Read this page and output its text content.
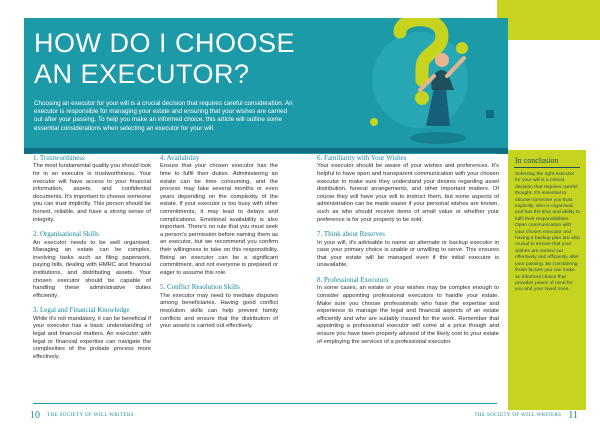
HOW DO I CHOOSE AN EXECUTOR?

Choosing an executor for your will is a crucial decision that requires careful consideration. An executor is responsible for managing your estate and ensuring that your wishes are carried out after your passing. To help you make an informed choice, this article will outline some essential considerations when selecting an executor for your will.

1. Trustworthiness

The most fundamental quality you should look for in an executor is trustworthiness. Your executor will have access to your financial information, assets, and confidential documents. It's important to choose someone you can trust implicitly. This person should be honest, reliable, and have a strong sense of integrity.

2. Organisational Skills

An executor needs to be well organised. Managing an estate can be complex, involving tasks such as filing paperwork, paying bills, dealing with HMRC and financial institutions, and distributing assets. Your chosen executor should be capable of handling these administrative duties efficiently.

3. Legal and Financial Knowledge

While it's not mandatory, it can be beneficial if your executor has a basic understanding of legal and financial matters. An executor with legal or financial expertise can navigate the complexities of the probate process more effectively.

4. Availability

Ensure that your chosen executor has the time to fulfil their duties. Administering an estate can be time consuming, and the process may take several months or even years depending on the complexity of the estate. If your executor is too busy with other commitments, it may lead to delays and complications. Emotional availability is also important. There's no rule that you must seek a person's permission before naming them as an executor, but we recommend you confirm their willingness to take on this responsibility. Being an executor can be a significant commitment, and not everyone is prepared or eager to assume this role.

5. Conflict Resolution Skills

The executor may need to mediate disputes among beneficiaries. Having good conflict resolution skills can help prevent family conflicts and ensure that the distribution of your assets is carried out effectively.

6. Familiarity with Your Wishes

Your executor should be aware of your wishes and preferences. It's helpful to have open and transparent communication with your chosen executor to make sure they understand your desires regarding asset distribution, funeral arrangements, and other important matters. Of course they will have your will to instruct them, but some aspects of administration can be made easier if your personal wishes are known, such as who should receive items of small value or whether your preference is for your property to be sold.

7. Think about Reserves

In your will, it's advisable to name an alternate or backup executor in case your primary choice is unable or unwilling to serve. This ensures that your estate will be managed even if the initial executor is unavailable.

8. Professional Executors

In some cases, an estate or your wishes may be complex enough to consider appointing professional executors to handle your estate. Make sure you choose professionals who have the expertise and experience to manage the legal and financial aspects of an estate efficiently and who are suitably insured for the work. Remember that appointing a professional executor will come at a price though and ensure you have been properly advised of the likely cost to your estate of employing the services of a professional executor.

In conclusion

Selecting the right executor for your will is a critical decision that requires careful thought. It's essential to choose someone you trust implicitly, who is organised, and has the time and ability to fulfil their responsibilities. Open communication with your chosen executor and having a backup plan are also crucial to ensure that your wishes are carried out effectively and efficiently after your passing. By considering these factors you can make an informed choice that provides peace of mind for you and your loved ones.

10 THE SOCIETY OF WILL WRITERS	THE SOCIETY OF WILL WRITERS 11
